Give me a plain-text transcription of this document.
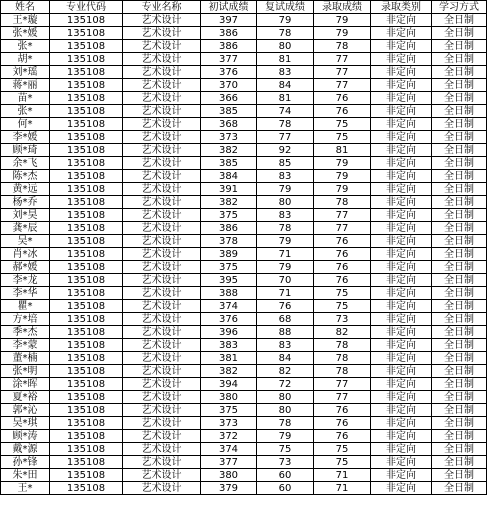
姓名	专业代码	专业名称	初试成绩	复试成绩	录取成绩	录取类别	学习方式
王*璇	135108	艺术设计	397	79	79	非定向	全日制
张*媛	135108	艺术设计	386	78	79	非定向	全日制
张*	135108	艺术设计	386	80	78	非定向	全日制
胡*	135108	艺术设计	377	81	77	非定向	全日制
刘*瑶	135108	艺术设计	376	83	77	非定向	全日制
蒋*丽	135108	艺术设计	370	84	77	非定向	全日制
苗*	135108	艺术设计	366	81	76	非定向	全日制
张*	135108	艺术设计	385	74	76	非定向	全日制
何*	135108	艺术设计	368	78	75	非定向	全日制
李*媛	135108	艺术设计	373	77	75	非定向	全日制
顾*琦	135108	艺术设计	382	92	81	非定向	全日制
余*飞	135108	艺术设计	385	85	79	非定向	全日制
陈*杰	135108	艺术设计	384	83	79	非定向	全日制
黄*远	135108	艺术设计	391	79	79	非定向	全日制
杨*乔	135108	艺术设计	382	80	78	非定向	全日制
刘*昊	135108	艺术设计	375	83	77	非定向	全日制
龚*辰	135108	艺术设计	386	78	77	非定向	全日制
吴*	135108	艺术设计	378	79	76	非定向	全日制
肖*冰	135108	艺术设计	389	71	76	非定向	全日制
郝*媛	135108	艺术设计	375	79	76	非定向	全日制
李*龙	135108	艺术设计	395	70	76	非定向	全日制
李*华	135108	艺术设计	388	71	75	非定向	全日制
瞿*	135108	艺术设计	374	76	75	非定向	全日制
方*培	135108	艺术设计	376	68	73	非定向	全日制
季*杰	135108	艺术设计	396	88	82	非定向	全日制
李*蒙	135108	艺术设计	383	83	78	非定向	全日制
董*楠	135108	艺术设计	381	84	78	非定向	全日制
张*明	135108	艺术设计	382	82	78	非定向	全日制
涂*晖	135108	艺术设计	394	72	77	非定向	全日制
夏*裕	135108	艺术设计	380	80	77	非定向	全日制
郭*沁	135108	艺术设计	375	80	76	非定向	全日制
吴*琪	135108	艺术设计	373	78	76	非定向	全日制
顾*涛	135108	艺术设计	372	79	76	非定向	全日制
戴*源	135108	艺术设计	374	75	75	非定向	全日制
孙*锋	135108	艺术设计	377	73	75	非定向	全日制
朱*田	135108	艺术设计	380	60	71	非定向	全日制
王*	135108	艺术设计	379	60	71	非定向	全日制
